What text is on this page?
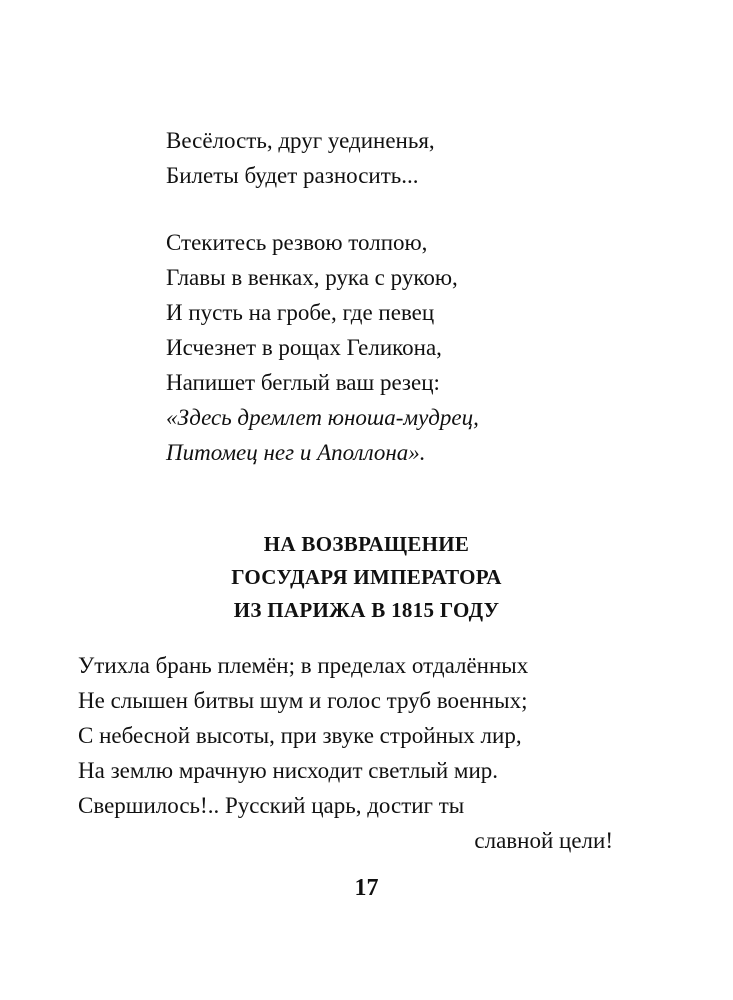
Весёлость, друг уединенья,
Билеты будет разносить...
Стекитесь резвою толпою,
Главы в венках, рука с рукою,
И пусть на гробе, где певец
Исчезнет в рощах Геликона,
Напишет беглый ваш резец:
«Здесь дремлет юноша-мудрец,
Питомец нег и Аполлона».
НА ВОЗВРАЩЕНИЕ
ГОСУДАРЯ ИМПЕРАТОРА
ИЗ ПАРИЖА В 1815 ГОДУ
Утихла брань племён; в пределах отдалённых
Не слышен битвы шум и голос труб военных;
С небесной высоты, при звуке стройных лир,
На землю мрачную нисходит светлый мир.
Свершилось!.. Русский царь, достиг ты
славной цели!
17
